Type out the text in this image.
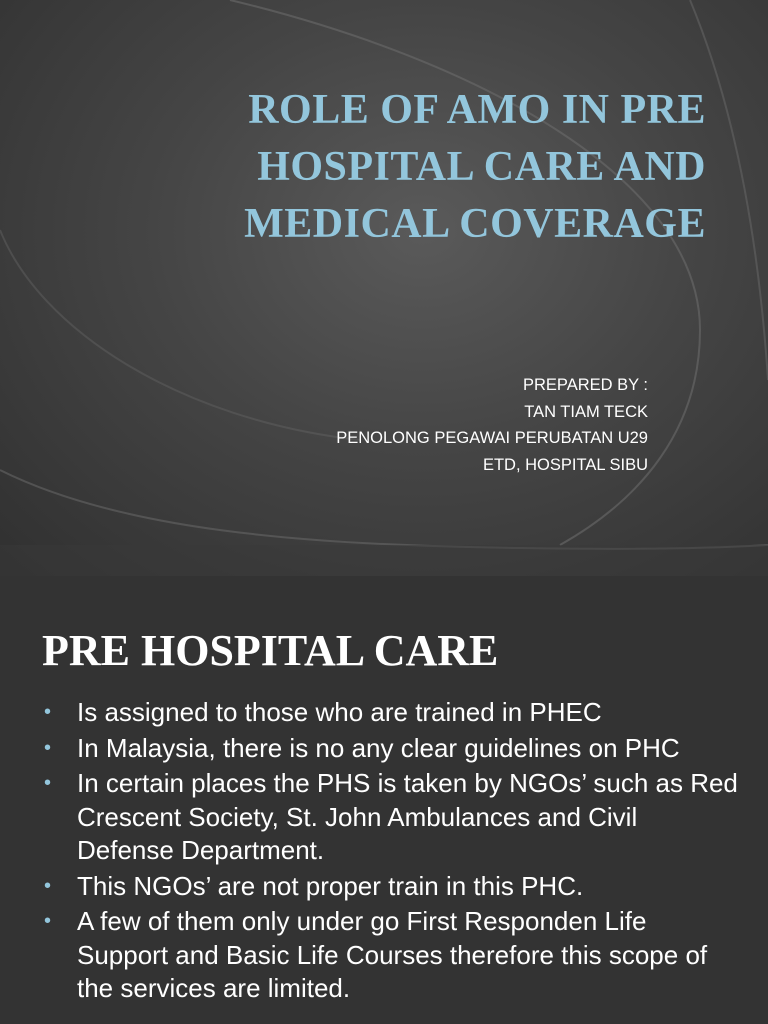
ROLE OF AMO IN PRE
HOSPITAL CARE AND
MEDICAL COVERAGE
PREPARED BY :
TAN TIAM TECK
PENOLONG PEGAWAI PERUBATAN U29
ETD, HOSPITAL SIBU
PRE HOSPITAL CARE
• Is assigned to those who are trained in PHEC
• In Malaysia, there is no any clear guidelines on PHC
• In certain places the PHS is taken by NGOs’ such as Red Crescent Society, St. John Ambulances and Civil Defense Department.
• This NGOs’ are not proper train in this PHC.
• A few of them only under go First Responden Life Support and Basic Life Courses therefore this scope of the services are limited.
